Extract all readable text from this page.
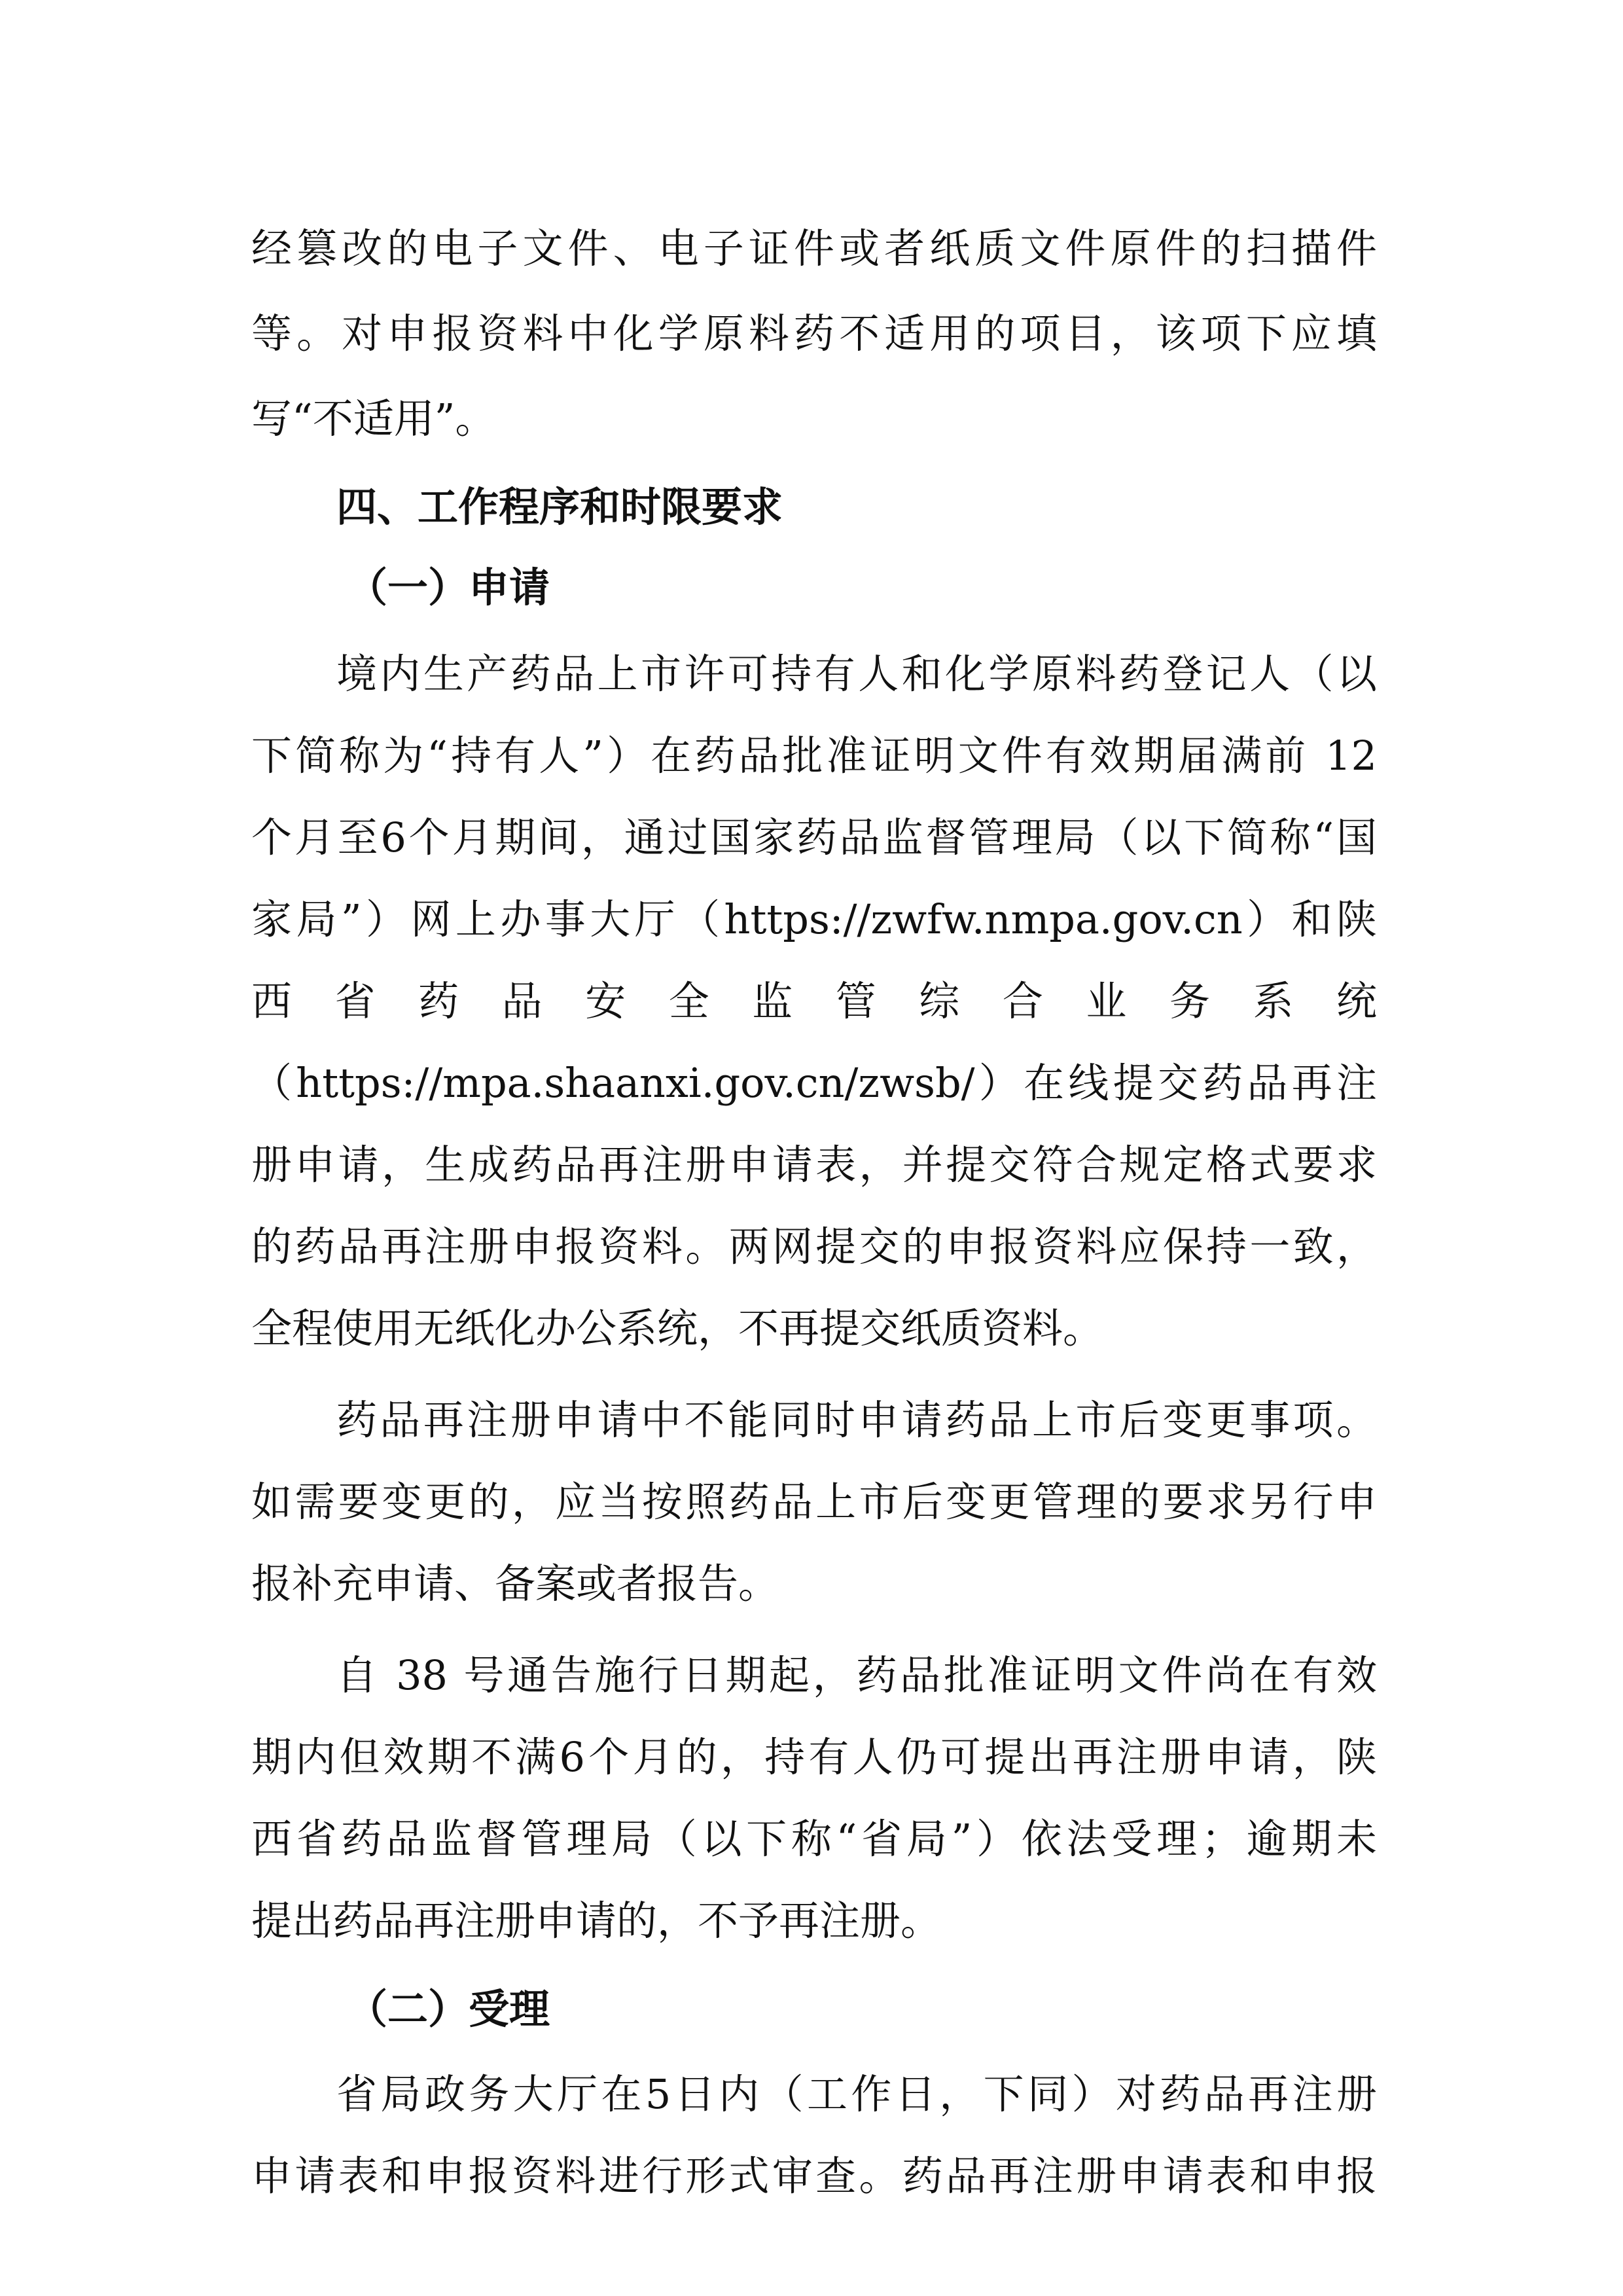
经篡改的电子文件、电子证件或者纸质文件原件的扫描件
等。对申报资料中化学原料药不适用的项目，该项下应填
写“不适用”。
四、工作程序和时限要求
（一）申请
境内生产药品上市许可持有人和化学原料药登记人（以
下简称为“持有人”）在药品批准证明文件有效期届满前 12
个月至6个月期间，通过国家药品监督管理局（以下简称“国
家局”）网上办事大厅（https://zwfw.nmpa.gov.cn）和陕
西省药品安全监管综合业务系统
（https://mpa.shaanxi.gov.cn/zwsb/）在线提交药品再注
册申请，生成药品再注册申请表，并提交符合规定格式要求
的药品再注册申报资料。两网提交的申报资料应保持一致，
全程使用无纸化办公系统，不再提交纸质资料。
药品再注册申请中不能同时申请药品上市后变更事项。
如需要变更的，应当按照药品上市后变更管理的要求另行申
报补充申请、备案或者报告。
自 38 号通告施行日期起，药品批准证明文件尚在有效
期内但效期不满6个月的，持有人仍可提出再注册申请，陕
西省药品监督管理局（以下称“省局”）依法受理；逾期未
提出药品再注册申请的，不予再注册。
（二）受理
省局政务大厅在5日内（工作日，下同）对药品再注册
申请表和申报资料进行形式审查。药品再注册申请表和申报
